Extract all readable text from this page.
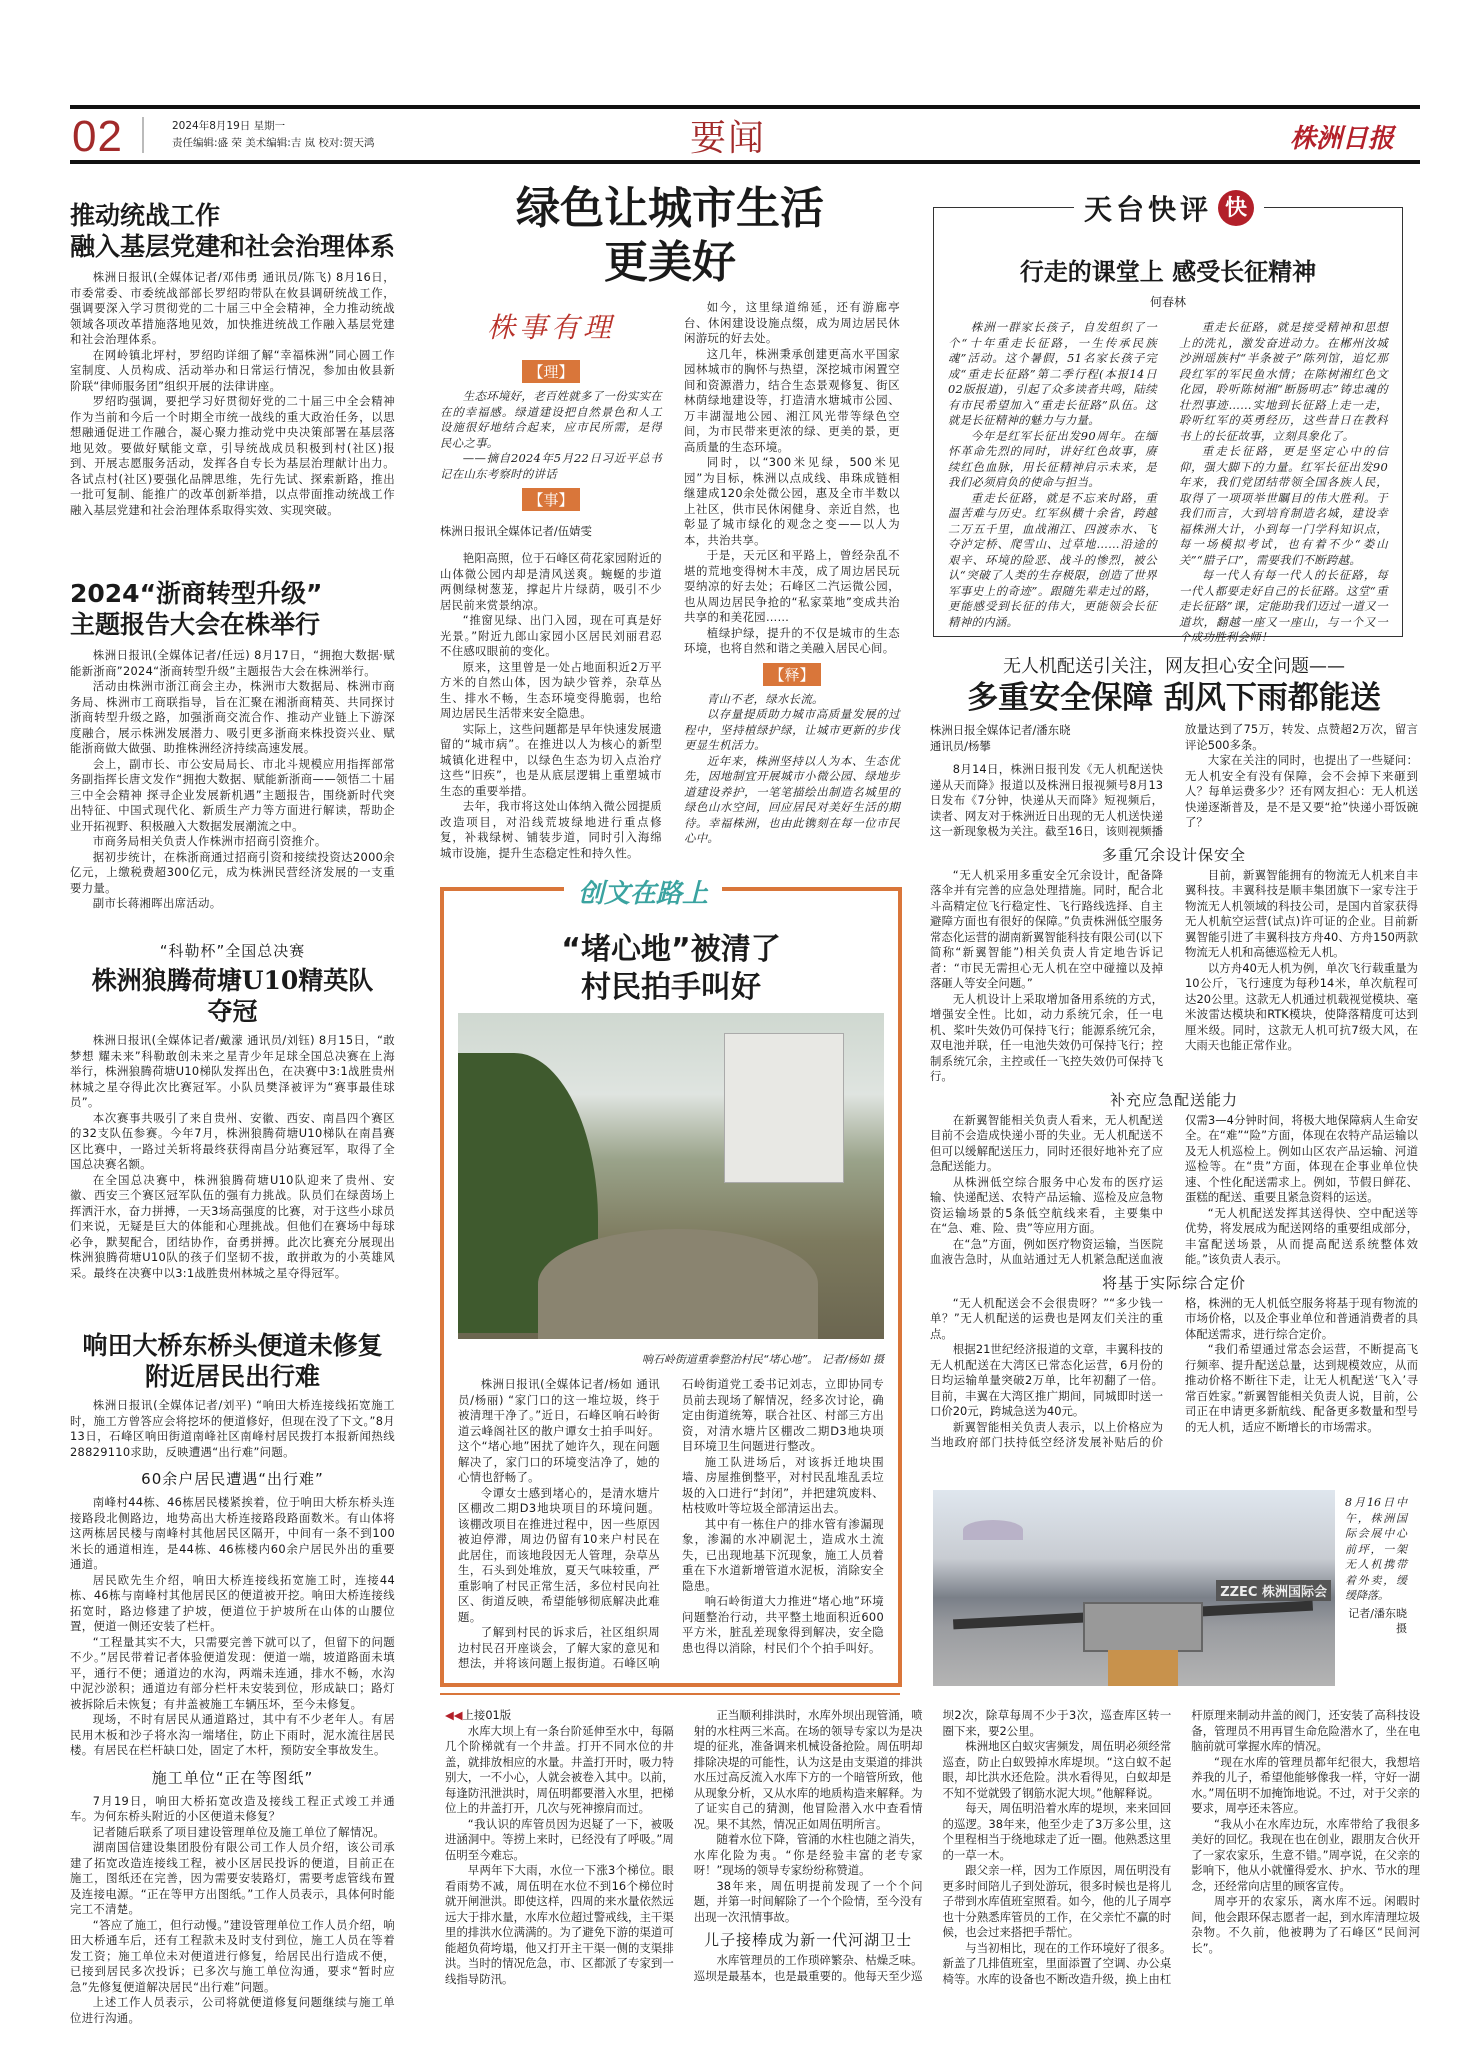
02	2024年8月19日 星期一
责任编辑:盛 荣 美术编辑:吉 岚 校对:贺天鸿	要闻	株洲日报
推动统战工作
融入基层党建和社会治理体系

株洲日报讯(全媒体记者/邓伟勇 通讯员/陈飞) 8月16日，市委常委、市委统战部部长罗绍昀带队在攸县调研统战工作，强调要深入学习贯彻党的二十届三中全会精神，全力推动统战领域各项改革措施落地见效，加快推进统战工作融入基层党建和社会治理体系。

在网岭镇北坪村，罗绍昀详细了解“幸福株洲”同心圆工作室制度、人员构成、活动举办和日常运行情况，参加由攸县新阶联“律师服务团”组织开展的法律讲座。

罗绍昀强调，要把学习好贯彻好党的二十届三中全会精神作为当前和今后一个时期全市统一战线的重大政治任务，以思想融通促进工作融合，凝心聚力推动党中央决策部署在基层落地见效。要做好赋能文章，引导统战成员积极到村(社区)报到、开展志愿服务活动，发挥各自专长为基层治理献计出力。各试点村(社区)要强化品牌思维，先行先试、探索新路，推出一批可复制、能推广的改革创新举措，以点带面推动统战工作融入基层党建和社会治理体系取得实效、实现突破。

2024“浙商转型升级”
主题报告大会在株举行

株洲日报讯(全媒体记者/任远) 8月17日，“拥抱大数据·赋能新浙商”2024“浙商转型升级”主题报告大会在株洲举行。

活动由株洲市浙江商会主办，株洲市大数据局、株洲市商务局、株洲市工商联指导，旨在汇聚在湘浙商精英、共同探讨浙商转型升级之路，加强浙商交流合作、推动产业链上下游深度融合，展示株洲发展潜力、吸引更多浙商来株投资兴业、赋能浙商做大做强、助推株洲经济持续高速发展。

会上，副市长、市公安局局长、市北斗规模应用指挥部常务副指挥长唐文发作“拥抱大数据、赋能新浙商——领悟二十届三中全会精神 探寻企业发展新机遇”主题报告，围绕新时代突出特征、中国式现代化、新质生产力等方面进行解读，帮助企业开拓视野、积极融入大数据发展潮流之中。

市商务局相关负责人作株洲市招商引资推介。

据初步统计，在株浙商通过招商引资和接续投资达2000余亿元，上缴税费超300亿元，成为株洲民营经济发展的一支重要力量。

副市长蒋湘晖出席活动。

“科勒杯”全国总决赛
株洲狼腾荷塘U10精英队
夺冠

株洲日报讯(全媒体记者/戴濛 通讯员/刘钰) 8月15日，“敢梦想 耀未来”科勒敢创未来之星青少年足球全国总决赛在上海举行，株洲狼腾荷塘U10梯队发挥出色，在决赛中3:1战胜贵州林城之星夺得此次比赛冠军。小队员樊泽被评为“赛事最佳球员”。

本次赛事共吸引了来自贵州、安徽、西安、南昌四个赛区的32支队伍参赛。今年7月，株洲狼腾荷塘U10梯队在南昌赛区比赛中，一路过关斩将最终获得南昌分站赛冠军，取得了全国总决赛名额。

在全国总决赛中，株洲狼腾荷塘U10队迎来了贵州、安徽、西安三个赛区冠军队伍的强有力挑战。队员们在绿茵场上挥洒汗水，奋力拼搏，一天3场高强度的比赛，对于这些小球员们来说，无疑是巨大的体能和心理挑战。但他们在赛场中每球必争，默契配合，团结协作，奋勇拼搏。此次比赛充分展现出株洲狼腾荷塘U10队的孩子们坚韧不拔，敢拼敢为的小英雄风采。最终在决赛中以3:1战胜贵州林城之星夺得冠军。

响田大桥东桥头便道未修复
附近居民出行难

株洲日报讯(全媒体记者/刘平) “响田大桥连接线拓宽施工时，施工方曾答应会将挖坏的便道修好，但现在没了下文。”8月13日，石峰区响田街道南峰社区南峰村居民拨打本报新闻热线28829110求助，反映遭遇“出行难”问题。

60余户居民遭遇“出行难”

南峰村44栋、46栋居民楼紧挨着，位于响田大桥东桥头连接路段北侧路边，地势高出大桥连接路段路面数米。有山体将这两栋居民楼与南峰村其他居民区隔开，中间有一条不到100米长的通道相连，是44栋、46栋楼内60余户居民外出的重要通道。

居民欧先生介绍，响田大桥连接线拓宽施工时，连接44栋、46栋与南峰村其他居民区的便道被开挖。响田大桥连接线拓宽时，路边修建了护坡，便道位于护坡所在山体的山腰位置，便道一侧还安装了栏杆。

“工程量其实不大，只需要完善下就可以了，但留下的问题不少。”居民带着记者体验便道发现：便道一端，坡道路面未填平，通行不便；通道边的水沟，两端未连通，排水不畅，水沟中泥沙淤积；通道边有部分栏杆未安装到位，形成缺口；路灯被拆除后未恢复；有井盖被施工车辆压坏，至今未修复。

现场，不时有居民从通道路过，其中有不少老年人。有居民用木板和沙子将水沟一端堵住，防止下雨时，泥水流往居民楼。有居民在栏杆缺口处，固定了木杆，预防安全事故发生。

施工单位“正在等图纸”

7月19日，响田大桥拓宽改造及接线工程正式竣工并通车。为何东桥头附近的小区便道未修复？

记者随后联系了项目建设管理单位及施工单位了解情况。

湖南国信建设集团股份有限公司工作人员介绍，该公司承建了拓宽改造连接线工程，被小区居民投诉的便道，目前正在施工，图纸还在完善，因为需要安装路灯，需要考虑管线布置及连接电源。“正在等甲方出图纸。”工作人员表示，具体何时能完工不清楚。

“答应了施工，但行动慢。”建设管理单位工作人员介绍，响田大桥通车后，还有工程款未及时支付到位，施工人员在等着发工资；施工单位未对便道进行修复，给居民出行造成不便，已接到居民多次投诉；已多次与施工单位沟通，要求“暂时应急”先修复便道解决居民“出行难”问题。

上述工作人员表示，公司将就便道修复问题继续与施工单位进行沟通。

绿色让城市生活
更美好
株事有理
【理】

生态环境好，老百姓就多了一份实实在在的幸福感。绿道建设把自然景色和人工设施很好地结合起来，应市民所需，是得民心之事。

——摘自2024年5月22日习近平总书记在山东考察时的讲话

【事】
株洲日报讯全媒体记者/伍婧雯

艳阳高照，位于石峰区荷花家园附近的山体微公园内却是清风送爽。蜿蜒的步道两侧绿树葱茏，撑起片片绿荫，吸引不少居民前来赏景纳凉。

“推窗见绿、出门入园，现在可真是好光景。”附近九郎山家园小区居民刘丽君忍不住感叹眼前的变化。

原来，这里曾是一处占地面积近2万平方米的自然山体，因为缺少管养，杂草丛生、排水不畅，生态环境变得脆弱，也给周边居民生活带来安全隐患。

实际上，这些问题都是早年快速发展遗留的“城市病”。在推进以人为核心的新型城镇化进程中，以绿色生态为切入点治疗这些“旧疾”，也是从底层逻辑上重塑城市生态的重要举措。

去年，我市将这处山体纳入微公园提质改造项目，对沿线荒坡绿地进行重点修复，补栽绿树、铺装步道，同时引入海绵城市设施，提升生态稳定性和持久性。

如今，这里绿道绵延，还有游廊亭台、休闲建设设施点缀，成为周边居民休闲游玩的好去处。

这几年，株洲秉承创建更高水平国家园林城市的胸怀与热望，深挖城市闲置空间和资源潜力，结合生态景观修复、街区林荫绿地建设等，打造清水塘城市公园、万丰湖湿地公园、湘江风光带等绿色空间，为市民带来更浓的绿、更美的景，更高质量的生态环境。

同时，以“300米见绿，500米见园”为目标，株洲以点成线、串珠成链相继建成120余处微公园，惠及全市半数以上社区，供市民休闲健身、亲近自然，也彰显了城市绿化的观念之变——以人为本，共治共享。

于是，天元区和平路上，曾经杂乱不堪的荒地变得树木丰茂，成了周边居民玩耍纳凉的好去处；石峰区二汽运微公园，也从周边居民争抢的“私家菜地”变成共治共享的和美花园……

植绿护绿，提升的不仅是城市的生态环境，也将自然和谐之美融入居民心间。

【释】

青山不老，绿水长流。

以存量提质助力城市高质量发展的过程中，坚持植绿护绿，让城市更新的步伐更显生机活力。

近年来，株洲坚持以人为本、生态优先，因地制宜开展城市小微公园、绿地步道建设养护，一笔笔描绘出制造名城里的绿色山水空间，回应居民对美好生活的期待。幸福株洲，也由此镌刻在每一位市民心中。

创文在路上
“堵心地”被清了
村民拍手叫好
响石岭街道重拳整治村民“堵心地”。 记者/杨如 摄

株洲日报讯(全媒体记者/杨如 通讯员/杨丽) “家门口的这一堆垃圾，终于被清理干净了。”近日，石峰区响石岭街道云峰阁社区的散户谭女士拍手叫好。这个“堵心地”困扰了她许久，现在问题解决了，家门口的环境变洁净了，她的心情也舒畅了。

令谭女士感到堵心的，是清水塘片区棚改二期D3地块项目的环境问题。该棚改项目在推进过程中，因一些原因被迫停滞，周边仍留有10来户村民在此居住，而该地段因无人管理，杂草丛生，石头到处堆放，夏天气味较重，严重影响了村民正常生活，多位村民向社区、街道反映，希望能够彻底解决此难题。

了解到村民的诉求后，社区组织周边村民召开座谈会，了解大家的意见和想法，并将该问题上报街道。石峰区响石岭街道党工委书记刘志，立即协同专员前去现场了解情况，经多次讨论，确定由街道统筹，联合社区、村部三方出资，对清水塘片区棚改二期D3地块项目环境卫生问题进行整改。

施工队进场后，对该拆迁地块围墙、房屋推倒整平，对村民乱堆乱丢垃圾的入口进行“封闭”，并把建筑废料、枯枝败叶等垃圾全部清运出去。

其中有一栋住户的排水管有渗漏现象，渗漏的水冲刷泥土，造成水土流失，已出现地基下沉现象，施工人员着重在下水道新增管道水泥板，消除安全隐患。

响石岭街道大力推进“堵心地”环境问题整治行动，共平整土地面积近600平方米，脏乱差现象得到解决，安全隐患也得以消除，村民们个个拍手叫好。

天台快评 快
行走的课堂上 感受长征精神
何春林

株洲一群家长孩子，自发组织了一个“十年重走长征路，一生传承民族魂”活动。这个暑假，51名家长孩子完成“重走长征路”第二季行程(本报14日02版报道)，引起了众多读者共鸣，陆续有市民希望加入“重走长征路”队伍。这就是长征精神的魅力与力量。

今年是红军长征出发90周年。在缅怀革命先烈的同时，讲好红色故事，赓续红色血脉，用长征精神启示未来，是我们必须肩负的使命与担当。

重走长征路，就是不忘来时路，重温苦难与历史。红军纵横十余省，跨越二万五千里，血战湘江、四渡赤水、飞夺泸定桥、爬雪山、过草地……沿途的艰辛、环境的险恶、战斗的惨烈，被公认“突破了人类的生存极限，创造了世界军事史上的奇迹”。跟随先辈走过的路，更能感受到长征的伟大，更能领会长征精神的内涵。

重走长征路，就是接受精神和思想上的洗礼，激发奋进动力。在郴州汝城沙洲瑶族村“半条被子”陈列馆，追忆那段红军的军民鱼水情；在陈树湘红色文化园，聆听陈树湘“断肠明志”铸忠魂的壮烈事迹……实地到长征路上走一走，聆听红军的英勇经历，这些昔日在教科书上的长征故事，立刻具象化了。

重走长征路，更是坚定心中的信仰，强大脚下的力量。红军长征出发90年来，我们党团结带领全国各族人民，取得了一项项举世瞩目的伟大胜利。于我们而言，大到培育制造名城，建设幸福株洲大计，小到每一门学科知识点，每一场模拟考试，也有着不少“娄山关”“腊子口”，需要我们不断跨越。

每一代人有每一代人的长征路，每一代人都要走好自己的长征路。这堂“重走长征路”课，定能助我们迈过一道又一道坎，翻越一座又一座山，与一个又一个成功胜利会师！

无人机配送引关注，网友担心安全问题——
多重安全保障 刮风下雨都能送
株洲日报全媒体记者/潘东晓
通讯员/杨攀

8月14日，株洲日报刊发《无人机配送快递从天而降》报道以及株洲日报视频号8月13日发布《7分钟，快递从天而降》短视频后，读者、网友对于株洲近日出现的无人机送快递这一新现象极为关注。截至16日，该则视频播放量达到了75万，转发、点赞超2万次，留言评论500多条。

大家在关注的同时，也提出了一些疑问：无人机安全有没有保障，会不会掉下来砸到人？每单运费多少？还有网友担心：无人机送快递逐渐普及，是不是又要“抢”快递小哥饭碗了？

多重冗余设计保安全

“无人机采用多重安全冗余设计，配备降落伞并有完善的应急处理措施。同时，配合北斗高精定位飞行稳定性、飞行路线选择、自主避障方面也有很好的保障。”负责株洲低空服务常态化运营的湖南新翼智能科技有限公司(以下简称“新翼智能”)相关负责人肯定地告诉记者：“市民无需担心无人机在空中碰撞以及掉落砸人等安全问题。”

无人机设计上采取增加备用系统的方式，增强安全性。比如，动力系统冗余，任一电机、桨叶失效仍可保持飞行；能源系统冗余，双电池并联，任一电池失效仍可保持飞行；控制系统冗余，主控或任一飞控失效仍可保持飞行。

目前，新翼智能拥有的物流无人机来自丰翼科技。丰翼科技是顺丰集团旗下一家专注于物流无人机领域的科技公司，是国内首家获得无人机航空运营(试点)许可证的企业。目前新翼智能引进了丰翼科技方舟40、方舟150两款物流无人机和高德巡检无人机。

以方舟40无人机为例，单次飞行载重量为10公斤，飞行速度为每秒14米，单次航程可达20公里。这款无人机通过机载视觉模块、毫米波雷达模块和RTK模块，使降落精度可达到厘米级。同时，这款无人机可抗7级大风，在大雨天也能正常作业。

补充应急配送能力

在新翼智能相关负责人看来，无人机配送目前不会造成快递小哥的失业。无人机配送不但可以缓解配送压力，同时还很好地补充了应急配送能力。

从株洲低空综合服务中心发布的医疗运输、快递配送、农特产品运输、巡检及应急物资运输场景的5条低空航线来看，主要集中在“急、难、险、贵”等应用方面。

在“急”方面，例如医疗物资运输，当医院血液告急时，从血站通过无人机紧急配送血液仅需3—4分钟时间，将极大地保障病人生命安全。在“难”“险”方面，体现在农特产品运输以及无人机巡检上。例如山区农产品运输、河道巡检等。在“贵”方面，体现在企事业单位快速、个性化配送需求上。例如，节假日鲜花、蛋糕的配送、重要且紧急资料的运送。

“无人机配送发挥其送得快、空中配送等优势，将发展成为配送网络的重要组成部分，丰富配送场景，从而提高配送系统整体效能。”该负责人表示。

将基于实际综合定价

“无人机配送会不会很贵呀？”“多少钱一单？”无人机配送的运费也是网友们关注的重点。

根据21世纪经济报道的文章，丰翼科技的无人机配送在大湾区已常态化运营，6月份的日均运输单量突破2万单，比年初翻了一倍。目前，丰翼在大湾区推广期间，同城即时送一口价20元，跨城急送为40元。

新翼智能相关负责人表示，以上价格应为当地政府部门扶持低空经济发展补贴后的价格，株洲的无人机低空服务将基于现有物流的市场价格，以及企事业单位和普通消费者的具体配送需求，进行综合定价。

“我们希望通过常态会运营，不断提高飞行频率、提升配送总量，达到规模效应，从而推动价格不断往下走，让无人机配送‘飞入’寻常百姓家。”新翼智能相关负责人说，目前，公司正在申请更多新航线、配备更多数量和型号的无人机，适应不断增长的市场需求。

ZZEC 株洲国际会
8月16日中午，株洲国际会展中心前坪，一架无人机携带着外卖，缓缓降落。
记者/潘东晓 摄
◀◀上接01版

水库大坝上有一条台阶延伸至水中，每隔几个阶梯就有一个井盖。打开不同水位的井盖，就排放相应的水量。井盖打开时，吸力特别大，一不小心，人就会被卷入其中。以前，每逢防汛泄洪时，周伍明都要潜入水里，把梯位上的井盖打开，几次与死神擦肩而过。

“我认识的库管员因为迟疑了一下，被吸进涵洞中。等捞上来时，已经没有了呼吸。”周伍明至今难忘。

早两年下大雨，水位一下涨3个梯位。眼看雨势不减，周伍明在水位不到16个梯位时就开闸泄洪。即使这样，四周的来水量依然远远大于排水量，水库水位超过警戒线，主干渠里的排洪水位满满的。为了避免下游的渠道可能超负荷垮塌，他又打开主干渠一侧的支渠排洪。当时的情况危急，市、区都派了专家到一线指导防汛。

正当顺利排洪时，水库外坝出现管涌，喷射的水柱两三米高。在场的领导专家以为是决堤的征兆，准备调来机械设备抢险。周伍明却排除决堤的可能性，认为这是由支渠道的排洪水压过高反流入水库下方的一个暗管所致，他从现象分析，又从水库的地质构造来解释。为了证实自己的猜测，他冒险潜入水中查看情况。果不其然，情况正如周伍明所言。

随着水位下降，管涌的水柱也随之消失，水库化险为夷。“你是经验丰富的老专家呀！”现场的领导专家纷纷称赞道。

38年来，周伍明提前发现了一个个问题，并第一时间解除了一个个险情，至今没有出现一次汛情事故。

儿子接棒成为新一代河湖卫士

水库管理员的工作琐碎繁杂、枯燥乏味。巡坝是最基本，也是最重要的。他每天至少巡坝2次，除草每周不少于3次，巡查库区转一圈下来，要2公里。

株洲地区白蚁灾害频发，周伍明必须经常巡查，防止白蚁毁掉水库堤坝。“这白蚁不起眼，却比洪水还危险。洪水看得见，白蚁却是不知不觉就毁了钢筋水泥大坝。”他解释说。

每天，周伍明沿着水库的堤坝，来来回回的巡逻。38年来，他至少走了3万多公里，这个里程相当于绕地球走了近一圈。他熟悉这里的一草一木。

跟父亲一样，因为工作原因，周伍明没有更多时间陪儿子到处游玩，很多时候也是将儿子带到水库值班室照看。如今，他的儿子周亭也十分熟悉库管员的工作，在父亲忙不赢的时候，也会过来搭把手帮忙。

与当初相比，现在的工作环境好了很多。新盖了几排值班室，里面添置了空调、办公桌椅等。水库的设备也不断改造升级，换上由杠杆原理来制动井盖的阀门，还安装了高科技设备，管理员不用再冒生命危险潜水了，坐在电脑前就可掌握水库的情况。

“现在水库的管理员都年纪很大，我想培养我的儿子，希望他能够像我一样，守好一湖水。”周伍明不加掩饰地说。不过，对于父亲的要求，周亭还未答应。

“我从小在水库边玩，水库带给了我很多美好的回忆。我现在也在创业，跟朋友合伙开了一家农家乐，生意不错。”周亭说，在父亲的影响下，他从小就懂得爱水、护水、节水的理念，还经常向店里的顾客宣传。

周亭开的农家乐，离水库不远。闲暇时间，他会跟环保志愿者一起，到水库清理垃圾杂物。不久前，他被聘为了石峰区“民间河长”。
